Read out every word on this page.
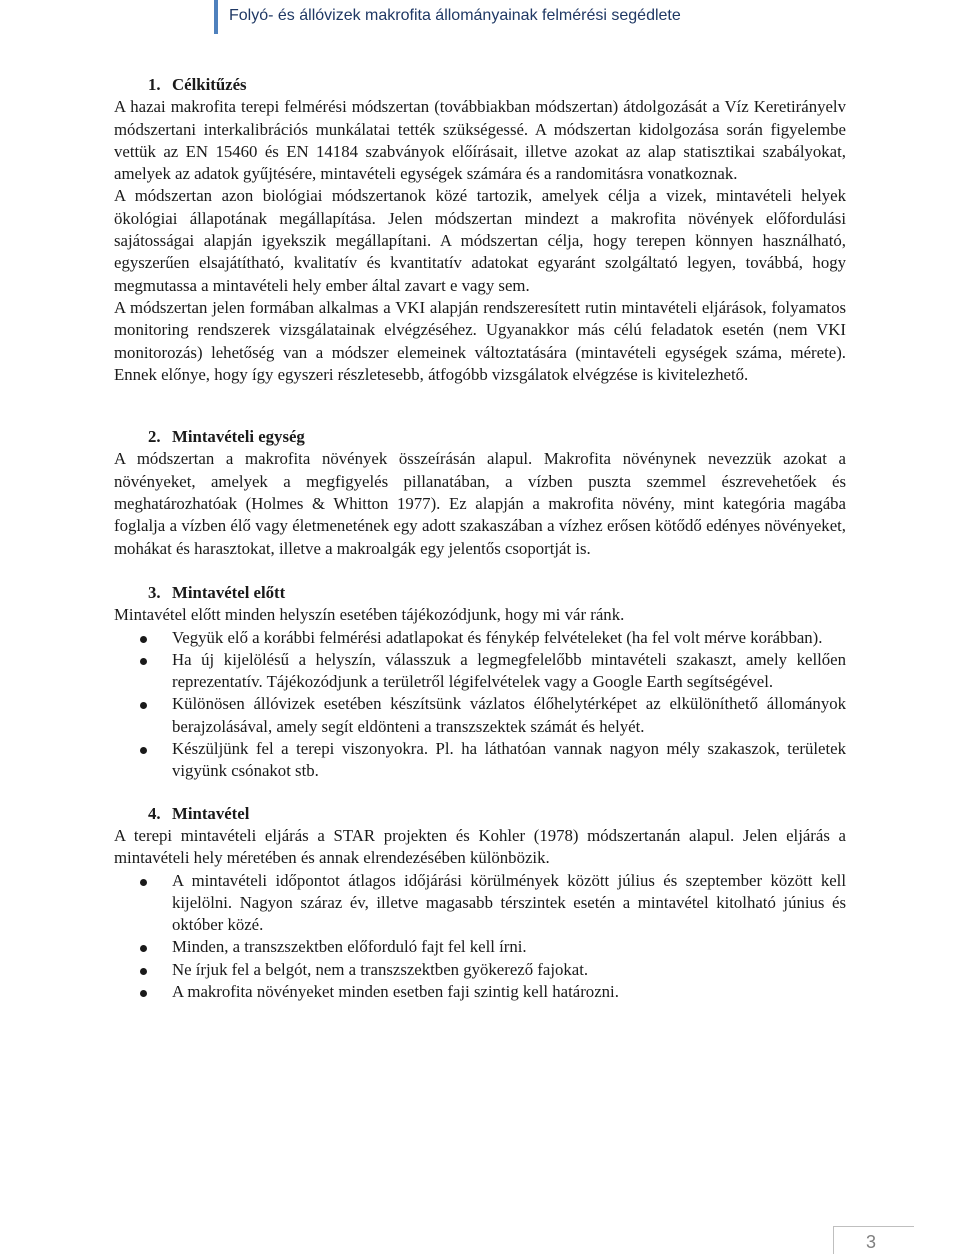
Folyó- és állóvizek makrofita állományainak felmérési segédlete

1. Célkitűzés

A hazai makrofita terepi felmérési módszertan (továbbiakban módszertan) átdolgozását a Víz Keretirányelv módszertani interkalibrációs munkálatai tették szükségessé. A módszertan kidolgozása során figyelembe vettük az EN 15460 és EN 14184 szabványok előírásait, illetve azokat az alap statisztikai szabályokat, amelyek az adatok gyűjtésére, mintavételi egységek számára és a randomitásra vonatkoznak.

A módszertan azon biológiai módszertanok közé tartozik, amelyek célja a vizek, mintavételi helyek ökológiai állapotának megállapítása. Jelen módszertan mindezt a makrofita növények előfordulási sajátosságai alapján igyekszik megállapítani. A módszertan célja, hogy terepen könnyen használható, egyszerűen elsajátítható, kvalitatív és kvantitatív adatokat egyaránt szolgáltató legyen, továbbá, hogy megmutassa a mintavételi hely ember által zavart e vagy sem.

A módszertan jelen formában alkalmas a VKI alapján rendszeresített rutin mintavételi eljárások, folyamatos monitoring rendszerek vizsgálatainak elvégzéséhez. Ugyanakkor más célú feladatok esetén (nem VKI monitorozás) lehetőség van a módszer elemeinek változtatására (mintavételi egységek száma, mérete). Ennek előnye, hogy így egyszeri részletesebb, átfogóbb vizsgálatok elvégzése is kivitelezhető.

2. Mintavételi egység

A módszertan a makrofita növények összeírásán alapul. Makrofita növénynek nevezzük azokat a növényeket, amelyek a megfigyelés pillanatában, a vízben puszta szemmel észrevehetőek és meghatározhatóak (Holmes & Whitton 1977). Ez alapján a makrofita növény, mint kategória magába foglalja a vízben élő vagy életmenetének egy adott szakaszában a vízhez erősen kötődő edényes növényeket, mohákat és harasztokat, illetve a makroalgák egy jelentős csoportját is.

3. Mintavétel előtt

Mintavétel előtt minden helyszín esetében tájékozódjunk, hogy mi vár ránk.

Vegyük elő a korábbi felmérési adatlapokat és fénykép felvételeket (ha fel volt mérve korábban).
Ha új kijelölésű a helyszín, válasszuk a legmegfelelőbb mintavételi szakaszt, amely kellően reprezentatív. Tájékozódjunk a területről légifelvételek vagy a Google Earth segítségével.
Különösen állóvizek esetében készítsünk vázlatos élőhelytérképet az elkülöníthető állományok berajzolásával, amely segít eldönteni a transzszektek számát és helyét.
Készüljünk fel a terepi viszonyokra. Pl. ha láthatóan vannak nagyon mély szakaszok, területek vigyünk csónakot stb.

4. Mintavétel

A terepi mintavételi eljárás a STAR projekten és Kohler (1978) módszertanán alapul. Jelen eljárás a mintavételi hely méretében és annak elrendezésében különbözik.

A mintavételi időpontot átlagos időjárási körülmények között július és szeptember között kell kijelölni. Nagyon száraz év, illetve magasabb térszintek esetén a mintavétel kitolható június és október közé.
Minden, a transzszektben előforduló fajt fel kell írni.
Ne írjuk fel a belgót, nem a transzszektben gyökerező fajokat.
A makrofita növényeket minden esetben faji szintig kell határozni.
3
